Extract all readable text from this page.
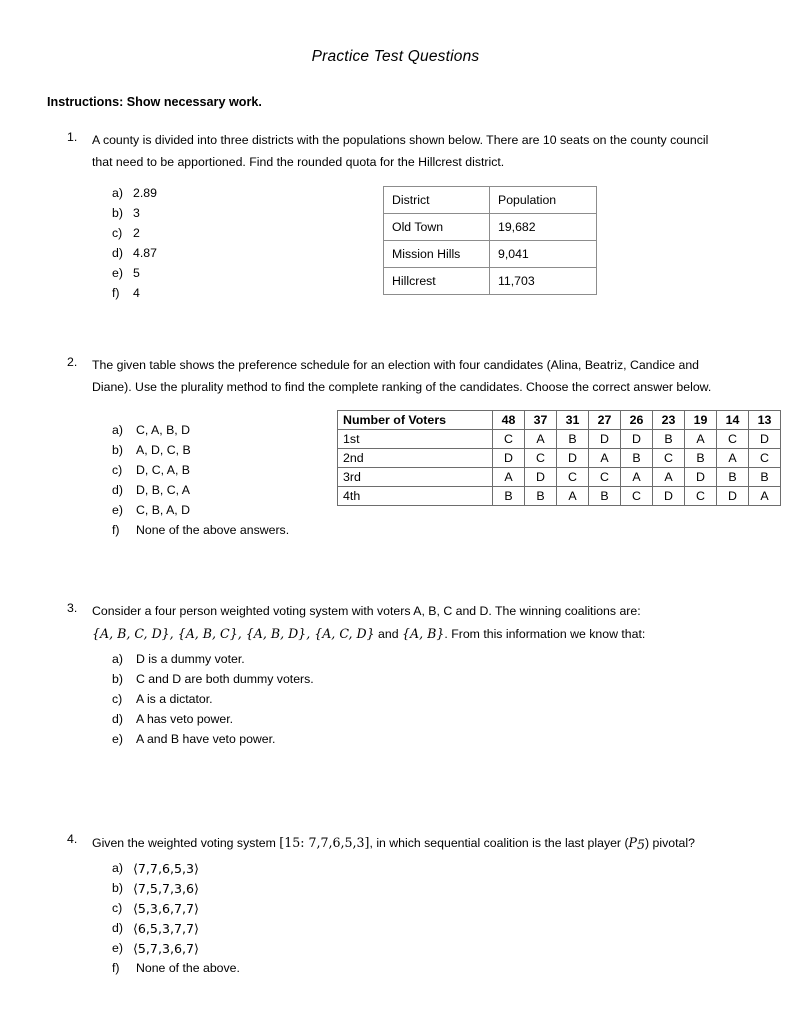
Practice Test Questions
Instructions: Show necessary work.
1.	A county is divided into three districts with the populations shown below. There are 10 seats on the county council that need to be apportioned. Find the rounded quota for the Hillcrest district.
a) 2.89
b) 3
c) 2
d) 4.87
e) 5
f) 4
District	Population
Old Town	19,682
Mission Hills	9,041
Hillcrest	11,703
2.	The given table shows the preference schedule for an election with four candidates (Alina, Beatriz, Candice and Diane). Use the plurality method to find the complete ranking of the candidates. Choose the correct answer below.
a) C, A, B, D
b) A, D, C, B
c) D, C, A, B
d) D, B, C, A
e) C, B, A, D
f) None of the above answers.
Number of Voters	48	37	31	27	26	23	19	14	13
1st	C	A	B	D	D	B	A	C	D
2nd	D	C	D	A	B	C	B	A	C
3rd	A	D	C	C	A	A	D	B	B
4th	B	B	A	B	C	D	C	D	A
3.	Consider a four person weighted voting system with voters A, B, C and D. The winning coalitions are:
{A, B, C, D}, {A, B, C}, {A, B, D}, {A, C, D} and {A, B}. From this information we know that:
a) D is a dummy voter.
b) C and D are both dummy voters.
c) A is a dictator.
d) A has veto power.
e) A and B have veto power.
4.	Given the weighted voting system [15: 7,7,6,5,3], in which sequential coalition is the last player $(P_5)$ pivotal?
a) ⟨7,7,6,5,3⟩
b) ⟨7,5,7,3,6⟩
c) ⟨5,3,6,7,7⟩
d) ⟨6,5,3,7,7⟩
e) ⟨5,7,3,6,7⟩
f) None of the above.
